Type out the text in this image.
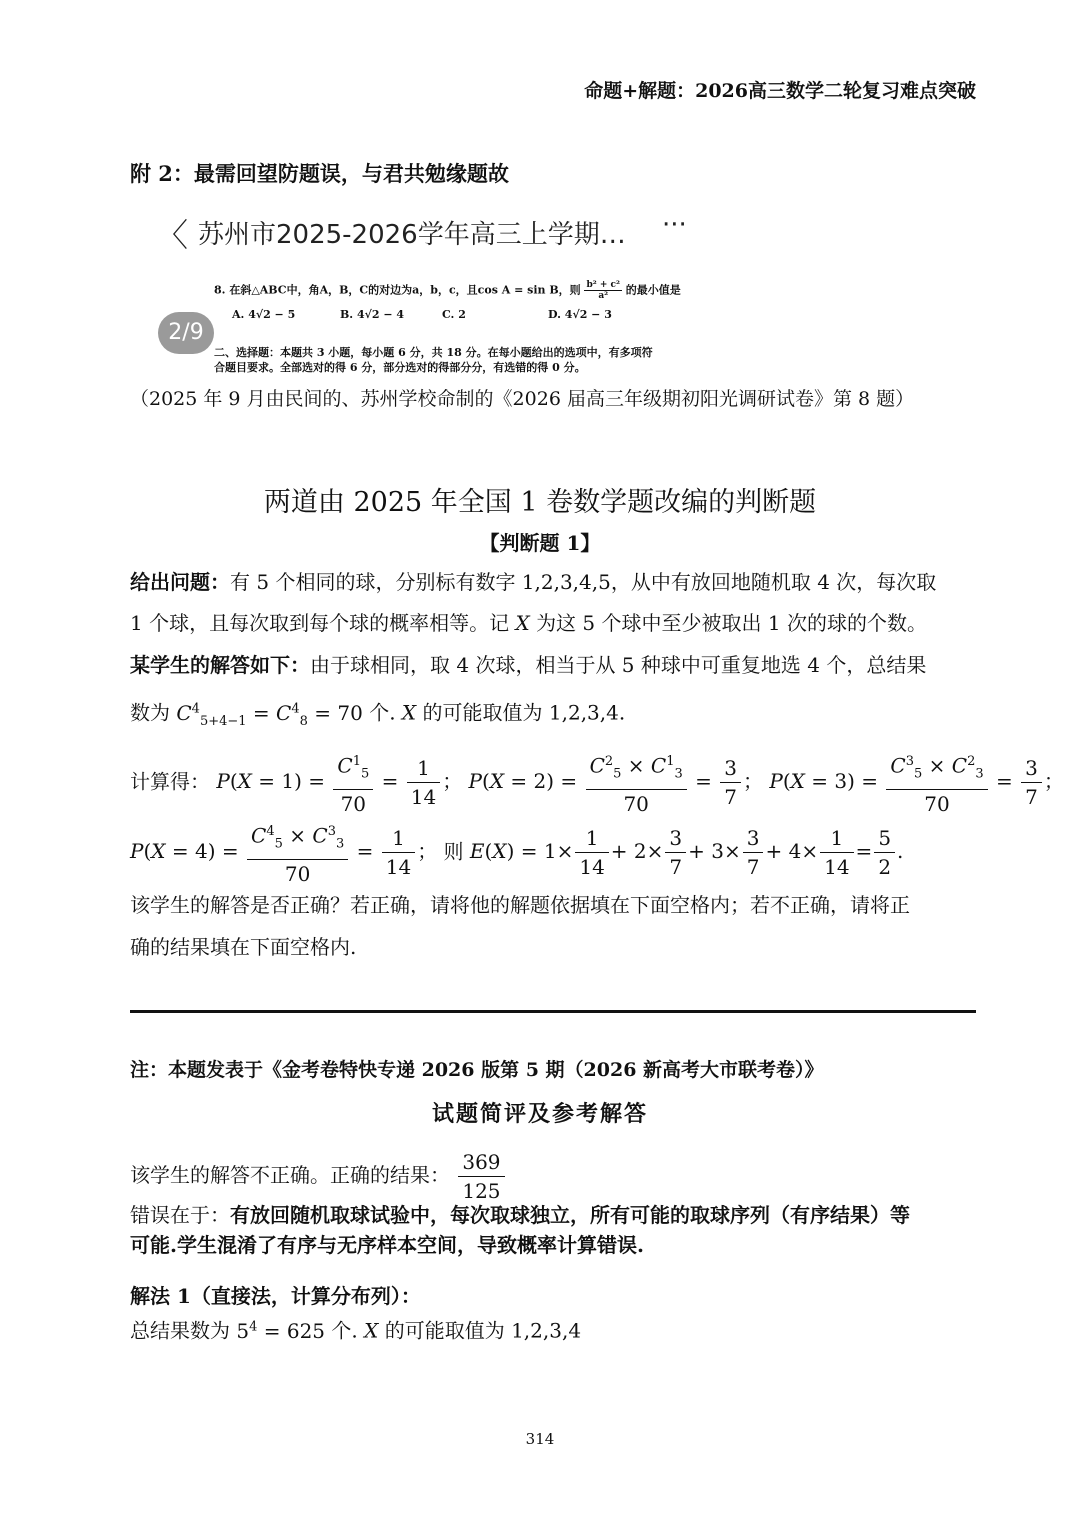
命题+解题：2026高三数学二轮复习难点突破
附 2：最需回望防题误，与君共勉缘题故
〈 苏州市2025-2026学年高三上学期… ···
8. 在斜△ABC中，角A，B，C的对边为a，b，c，且cos A = sin B，则 $\frac{\text{b² + c²}}{\text{a²}}$ 的最小值是
A. 4√2 − 5	B. 4√2 − 4	C. 2	D. 4√2 − 3
2/9
二、选择题：本题共 3 小题，每小题 6 分，共 18 分。在每小题给出的选项中，有多项符
合题目要求。全部选对的得 6 分，部分选对的得部分分，有选错的得 0 分。
（2025 年 9 月由民间的、苏州学校命制的《2026 届高三年级期初阳光调研试卷》第 8 题）
两道由 2025 年全国 1 卷数学题改编的判断题
【判断题 1】
给出问题：有 5 个相同的球，分别标有数字 1,2,3,4,5，从中有放回地随机取 4 次，每次取
1 个球，且每次取到每个球的概率相等。记 X 为这 5 个球中至少被取出 1 次的球的个数。
某学生的解答如下：由于球相同，取 4 次球，相当于从 5 种球中可重复地选 4 个，总结果
数为 $C^4_{5+4-1} = C^4_8 = 70$ 个. X 的可能取值为 1,2,3,4.
计算得： $P(X = 1) = \frac{C^1_5}{70} = \frac{1}{14}$ ； $P(X = 2) = \frac{C^2_5 \times C^1_3}{70} = \frac{3}{7}$ ； $P(X = 3) = \frac{C^3_5 \times C^2_3}{70} = \frac{3}{7}$ ；
$P(X = 4) = \frac{C^4_5 \times C^3_3}{70} = \frac{1}{14}$ ； 则 $E(X) = 1\times \frac{1}{14} + 2\times \frac{3}{7} + 3\times \frac{3}{7} + 4\times \frac{1}{14} = \frac{5}{2}$ .
该学生的解答是否正确？若正确，请将他的解题依据填在下面空格内；若不正确，请将正
确的结果填在下面空格内.
注：本题发表于《金考卷特快专递 2026 版第 5 期（2026 新高考大市联考卷）》
试题简评及参考解答
该学生的解答不正确。正确的结果： $\frac{369}{125}$
错误在于：有放回随机取球试验中，每次取球独立，所有可能的取球序列（有序结果）等
可能.学生混淆了有序与无序样本空间，导致概率计算错误.
解法 1（直接法，计算分布列）：
总结果数为 $5^4 = 625$ 个. X 的可能取值为 1,2,3,4
314
